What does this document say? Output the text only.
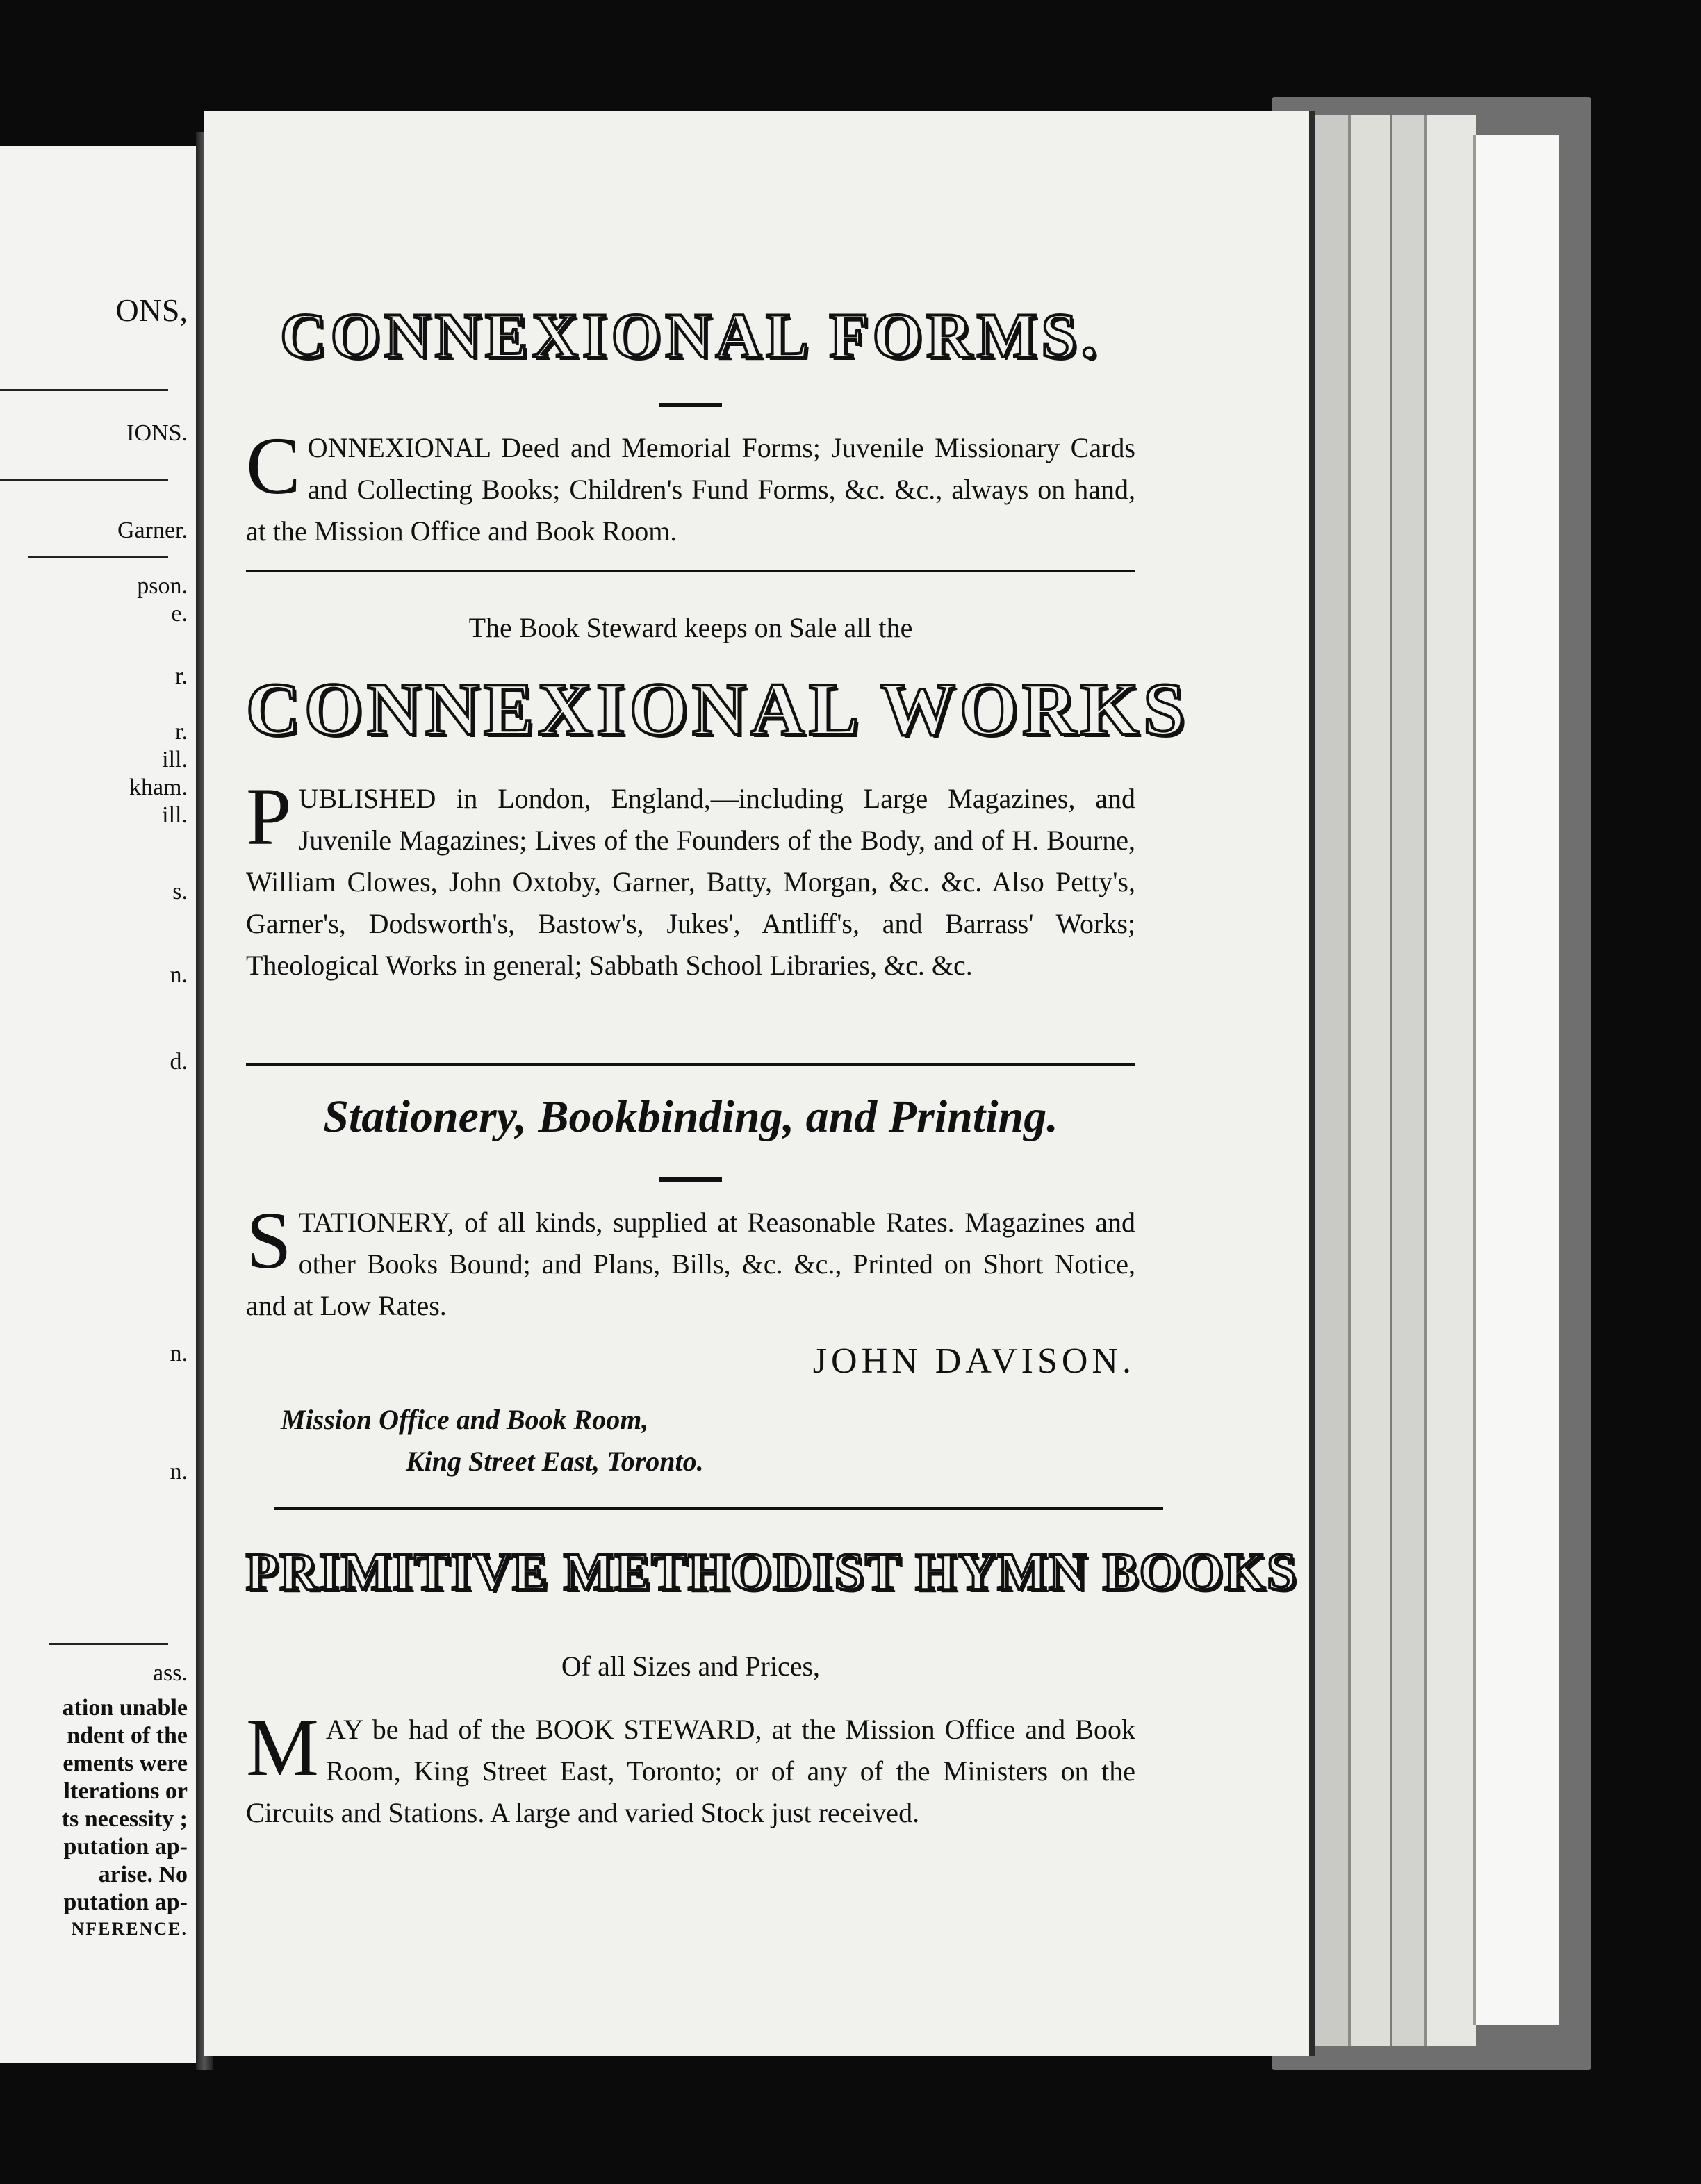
ONS,
IONS.
Garner.
pson.
e.
r.
r.
ill.
kham.
ill.
s.
n.
d.
n.
n.
ass.
ation unable
ndent of the
ements were
lterations or
ts necessity ;
putation ap-
arise. No
putation ap-
NFERENCE.
CONNEXIONAL FORMS.

CONNEXIONAL Deed and Memorial Forms; Juvenile Missionary Cards and Collecting Books; Children's Fund Forms, &c. &c., always on hand, at the Mission Office and Book Room.

The Book Steward keeps on Sale all the

CONNEXIONAL WORKS

PUBLISHED in London, England,—including Large Magazines, and Juvenile Magazines; Lives of the Founders of the Body, and of H. Bourne, William Clowes, John Oxtoby, Garner, Batty, Morgan, &c. &c. Also Petty's, Garner's, Dodsworth's, Bastow's, Jukes', Antliff's, and Barrass' Works; Theological Works in general; Sabbath School Libraries, &c. &c.

Stationery, Bookbinding, and Printing.

STATIONERY, of all kinds, supplied at Reasonable Rates. Magazines and other Books Bound; and Plans, Bills, &c. &c., Printed on Short Notice, and at Low Rates.

JOHN DAVISON.

Mission Office and Book Room,

King Street East, Toronto.

PRIMITIVE METHODIST HYMN BOOKS

Of all Sizes and Prices,

MAY be had of the BOOK STEWARD, at the Mission Office and Book Room, King Street East, Toronto; or of any of the Ministers on the Circuits and Stations. A large and varied Stock just received.
